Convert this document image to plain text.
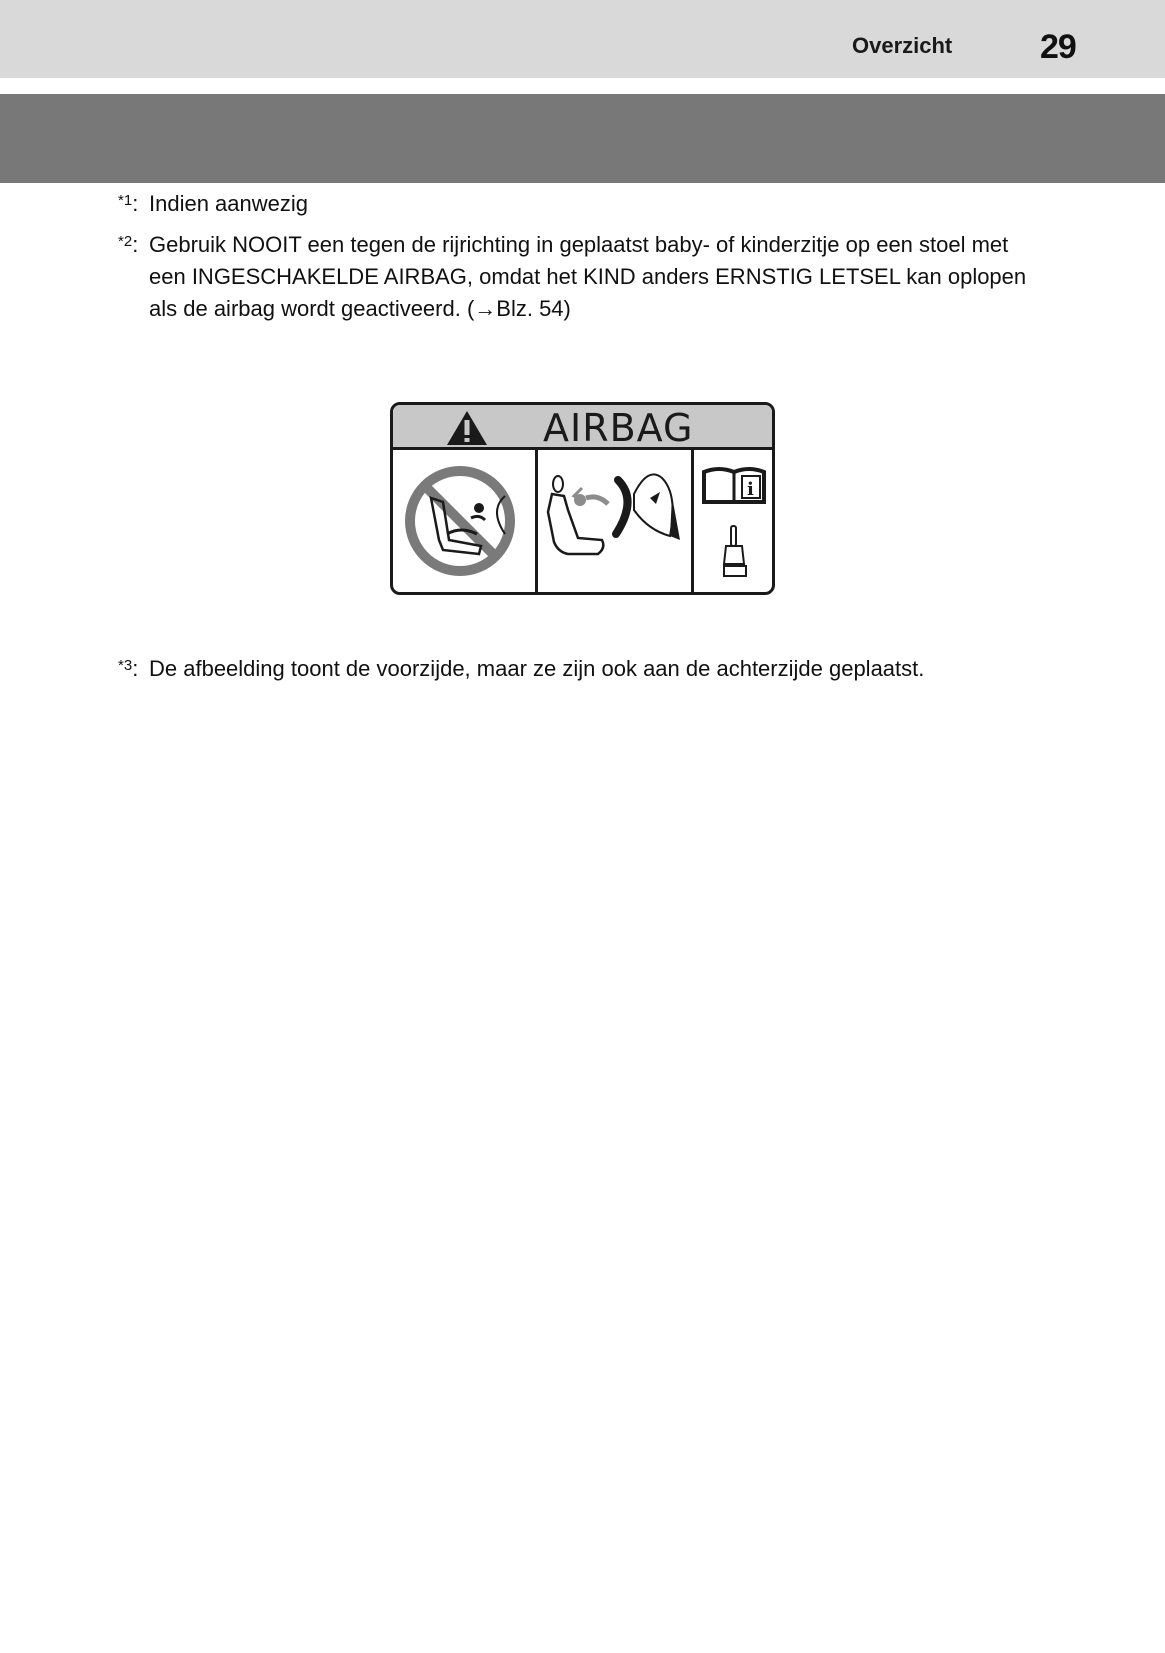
Overzicht	29
$^{*1}$: Indien aanwezig
$^{*2}$: Gebruik NOOIT een tegen de rijrichting in geplaatst baby- of kinderzitje op een stoel met een INGESCHAKELDE AIRBAG, omdat het KIND anders ERNSTIG LETSEL kan oplopen als de airbag wordt geactiveerd. (→Blz. 54)
AIRBAG
i
$^{*3}$: De afbeelding toont de voorzijde, maar ze zijn ook aan de achterzijde geplaatst.
